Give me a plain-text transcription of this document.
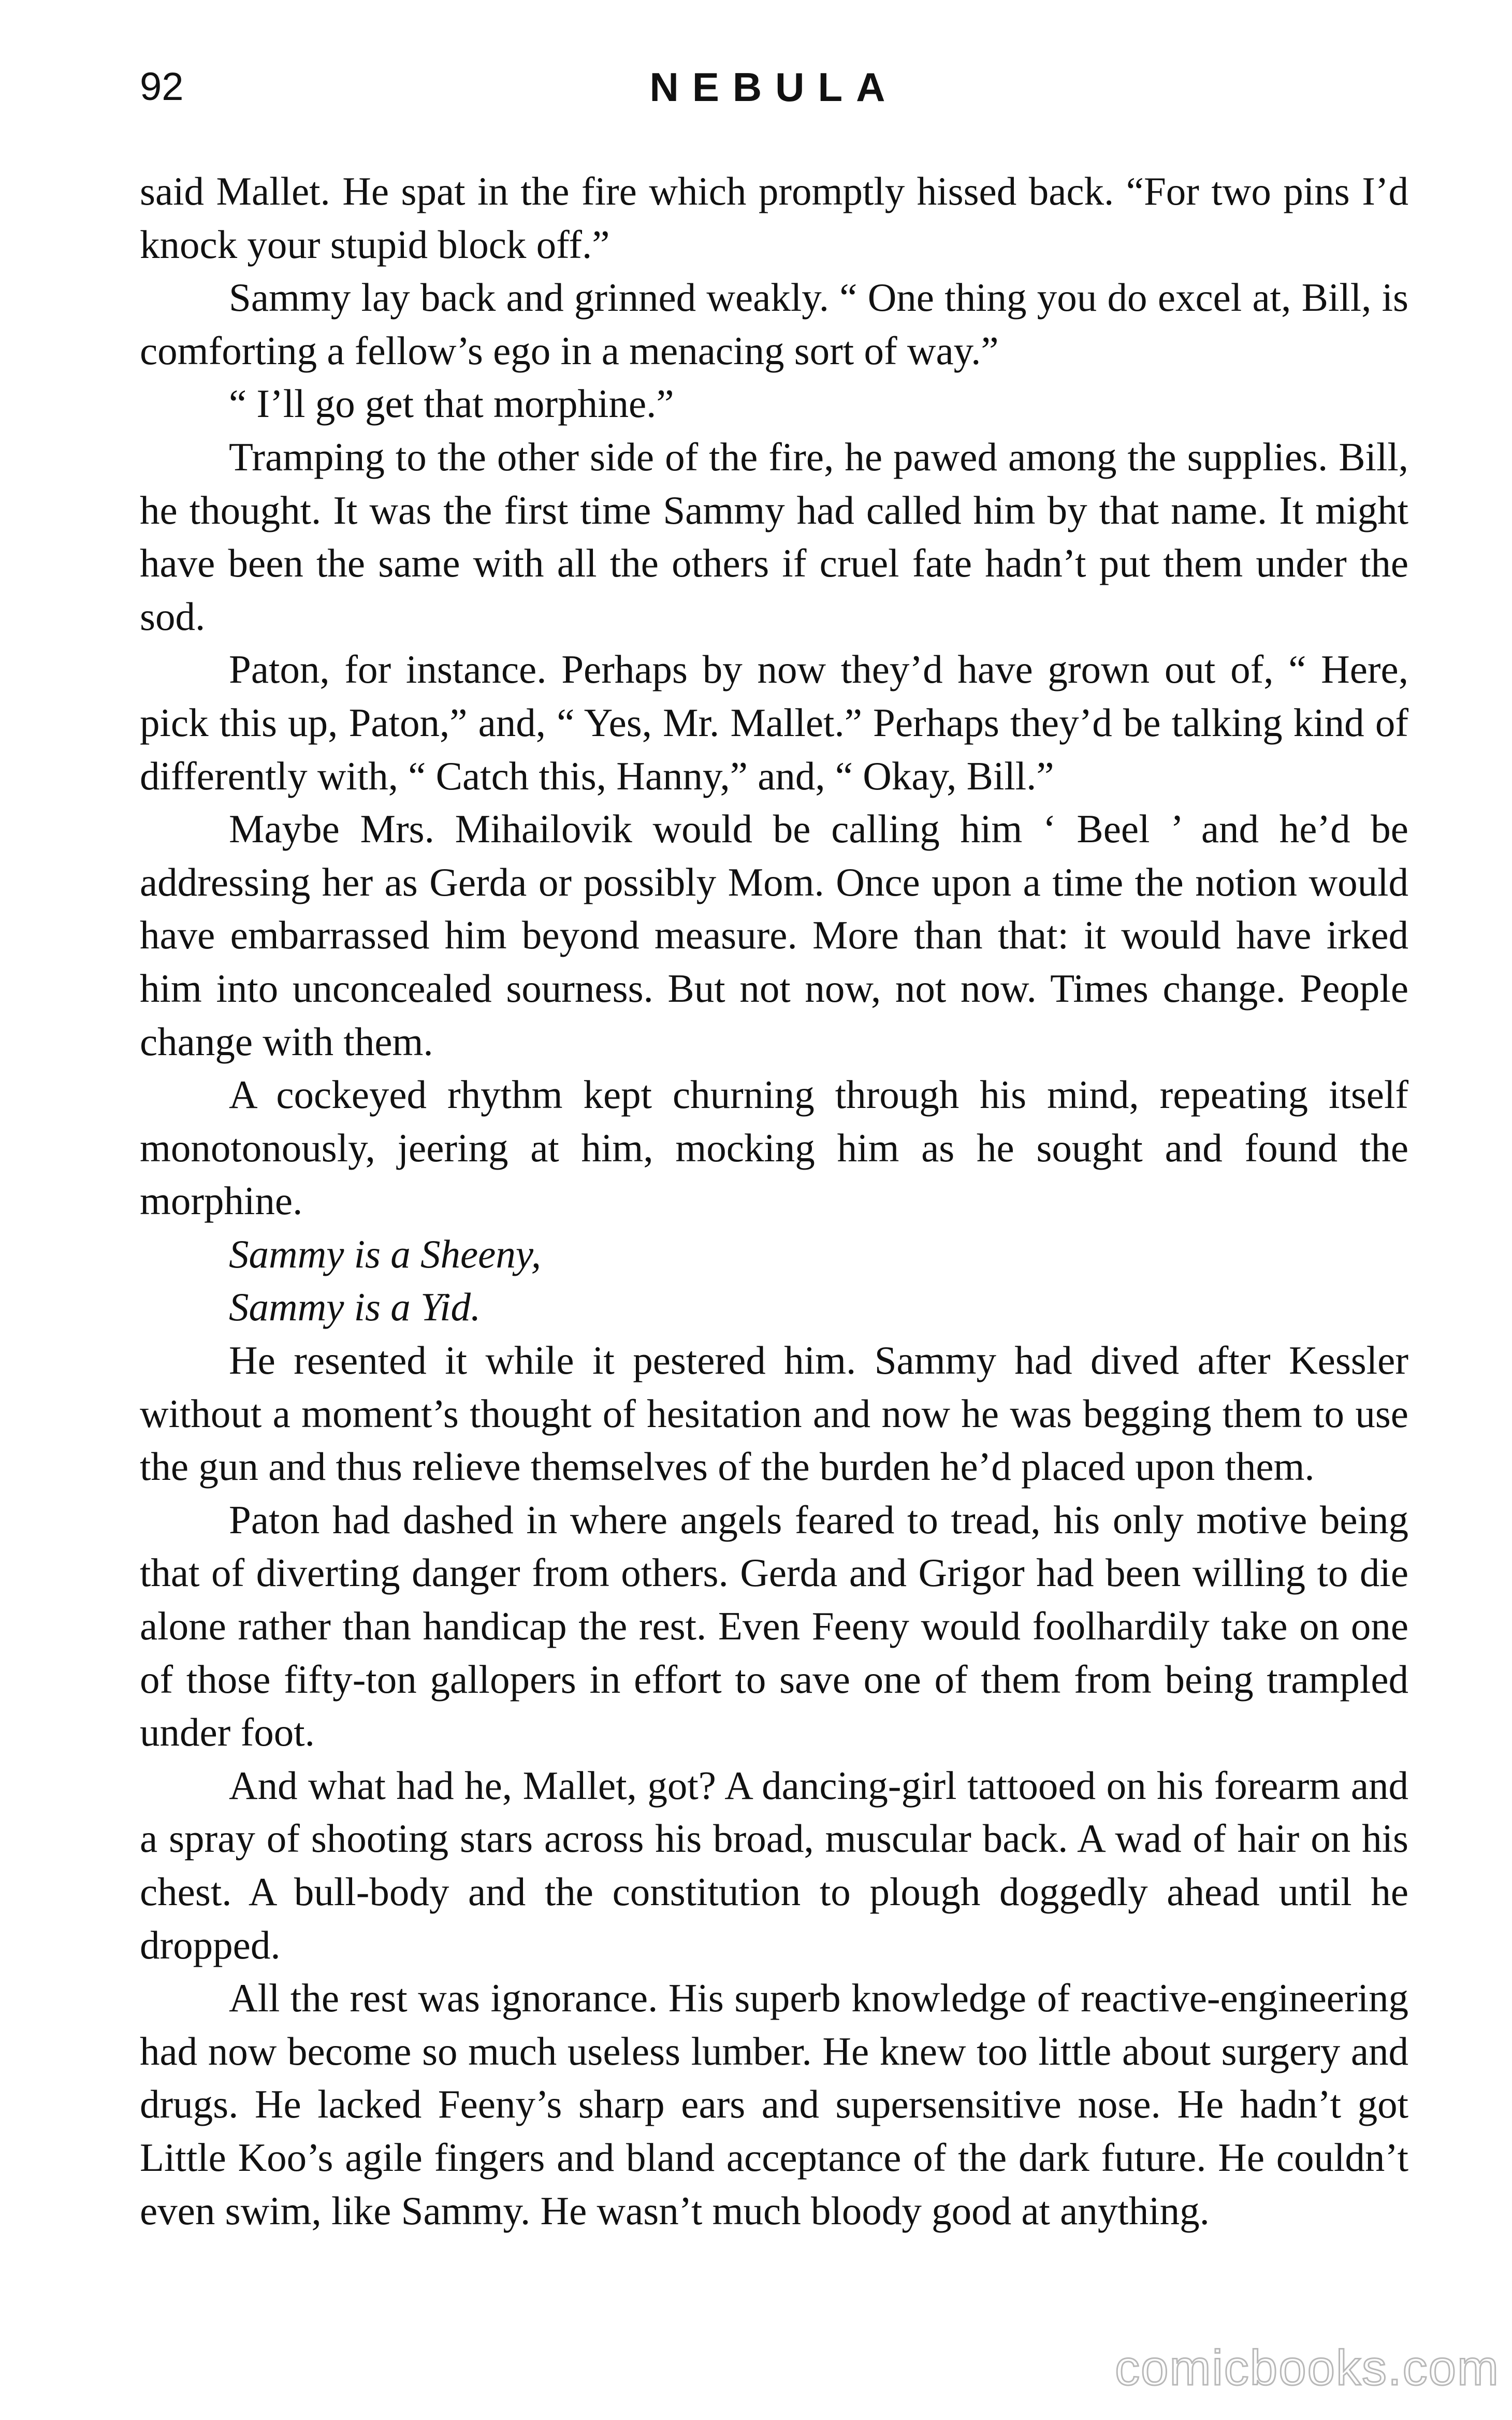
92	NEBULA

said Mallet. He spat in the fire which promptly hissed back. “For two pins I’d knock your stupid block off.”

Sammy lay back and grinned weakly. “ One thing you do excel at, Bill, is comforting a fellow’s ego in a menacing sort of way.”

“ I’ll go get that morphine.”

Tramping to the other side of the fire, he pawed among the supplies. Bill, he thought. It was the first time Sammy had called him by that name. It might have been the same with all the others if cruel fate hadn’t put them under the sod.

Paton, for instance. Perhaps by now they’d have grown out of, “ Here, pick this up, Paton,” and, “ Yes, Mr. Mallet.” Perhaps they’d be talking kind of differently with, “ Catch this, Hanny,” and, “ Okay, Bill.”

Maybe Mrs. Mihailovik would be calling him ‘ Beel ’ and he’d be addressing her as Gerda or possibly Mom. Once upon a time the notion would have embarrassed him beyond measure. More than that: it would have irked him into unconcealed sourness. But not now, not now. Times change. People change with them.

A cockeyed rhythm kept churning through his mind, repeating itself monotonously, jeering at him, mocking him as he sought and found the morphine.

Sammy is a Sheeny,

Sammy is a Yid.

He resented it while it pestered him. Sammy had dived after Kessler without a moment’s thought of hesitation and now he was begging them to use the gun and thus relieve themselves of the burden he’d placed upon them.

Paton had dashed in where angels feared to tread, his only motive being that of diverting danger from others. Gerda and Grigor had been willing to die alone rather than handicap the rest. Even Feeny would foolhardily take on one of those fifty-ton gallopers in effort to save one of them from being trampled under foot.

And what had he, Mallet, got? A dancing-girl tattooed on his forearm and a spray of shooting stars across his broad, muscular back. A wad of hair on his chest. A bull-body and the constitution to plough doggedly ahead until he dropped.

All the rest was ignorance. His superb knowledge of reactive-engineering had now become so much useless lumber. He knew too little about surgery and drugs. He lacked Feeny’s sharp ears and supersensitive nose. He hadn’t got Little Koo’s agile fingers and bland acceptance of the dark future. He couldn’t even swim, like Sammy. He wasn’t much bloody good at anything.

comicbooks.com
